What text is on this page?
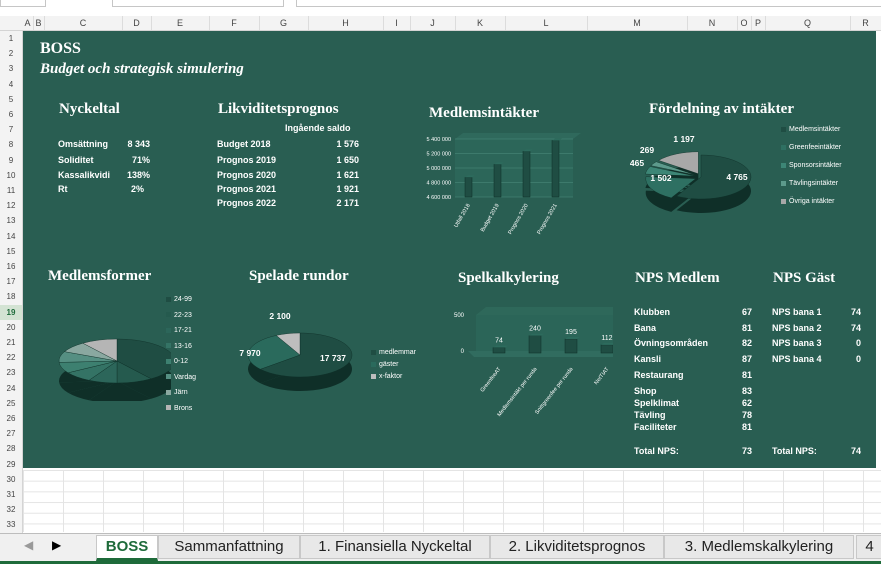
A B	C	D	E	F	G	H	I	J	K	L	M	N	O P	Q	R
1
2
3
4
5
6
7
8
9
10
11
12
13
14
15
16
17
18
19
20
21
22
23
24
25
26
27
28
29
30
31
32
33
BOSS
Budget och strategisk simulering
Nyckeltal
Omsättning	8 343
Soliditet	71%
Kassalikvidi	138%
Rt	2%
Likviditetsprognos
Ingående saldo
Budget 2018	1 576
Prognos 2019	1 650
Prognos 2020	1 621
Prognos 2021	1 921
Prognos 2022	2 171
Medlemsintäkter
5 400 000
5 200 000
5 000 000
4 800 000
4 600 000
Utfall 2018 Budget 2019 Prognos 2020 Prognos 2021
Fördelning av intäkter
4 765
1 502
465
269
1 197
Medlemsintäkter
Greenfeeintäkter
Sponsorsintäkter
Tävlingsintäkter
Övriga intäkter
Medlemsformer
24-99
22-23
17-21
13-16
0-12
Vardag
Järn
Brons
Spelade rundor
17 737
7 970
2 100
medlemmar
gäster
x-faktor
Spelkalkylering
500
0
74
GreenfeeAT
240
Medlemsintäkt per runda
195
Snittgreenfee per runda
112
NetTIAT
NPS Medlem
Klubben	67
Bana	81
Övningsområden	82
Kansli	87
Restaurang	81
Shop	83
Spelklimat	62
Tävling	78
Faciliteter	81
Total NPS:	73
NPS Gäst
NPS bana 1	74
NPS bana 2	74
NPS bana 3	0
NPS bana 4	0
Total NPS:	74
◀ ▶	BOSS	Sammanfattning	1. Finansiella Nyckeltal	2. Likviditetsprognos	3. Medlemskalkylering	4
